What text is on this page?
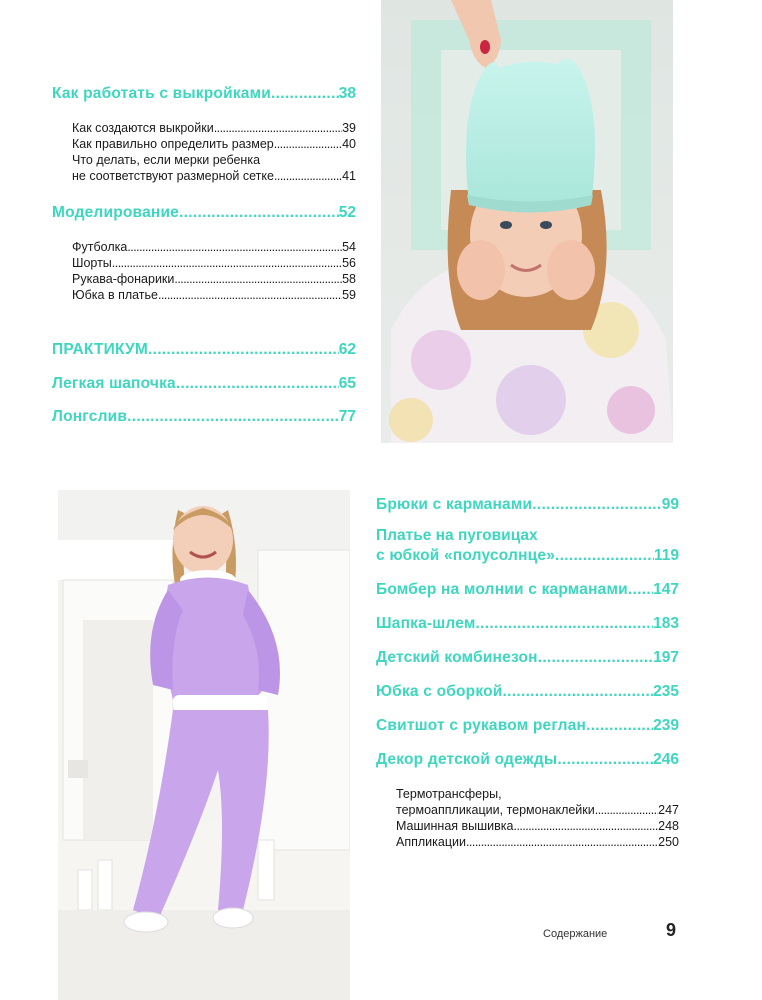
Как работать с выкройками . . .	38
Как создаются выкройки . . .	39
Как правильно определить размер . . .	40
Что делать, если мерки ребенка
не соответствуют размерной сетке . . .	41
Моделирование . . .	52
Футболка . . .	54
Шорты . . .	56
Рукава-фонарики . . .	58
Юбка в платье . . .	59
ПРАКТИКУМ . . .	62
Легкая шапочка . . .	65
Лонгслив . . .	77
Брюки с карманами . . .	99
Платье на пуговицах
с юбкой «полусолнце» . . .	119
Бомбер на молнии с карманами . . . 147
Шапка-шлем . . .	183
Детский комбинезон . . .	197
Юбка с оборкой . . .	235
Свитшот с рукавом реглан . . .	239
Декор детской одежды . . .	246
Термотрансферы,
термоаппликации, термонаклейки . . .	247
Машинная вышивка . . .	248
Аппликации . . .	250
Содержание	9
